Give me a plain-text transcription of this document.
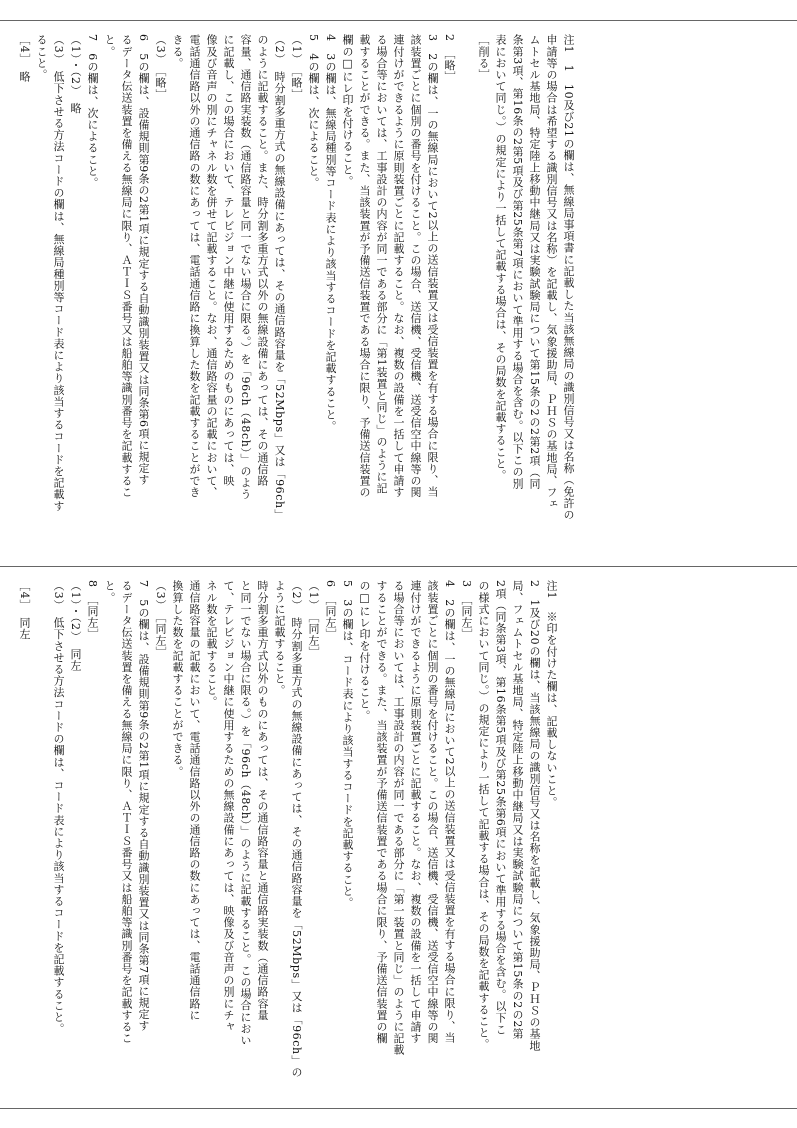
注1　1　10及び21の欄は、無線局事項書に記載した当該無線局の識別信号又は名称（免許の

申請等の場合は希望する識別信号又は名称）を記載し、気象援助局、ＰＨＳの基地局、フェ

ムトセル基地局、特定陸上移動中継局又は実験試験局について第15条の2の2第2項（同

条第3項、第16条の2第5項及び第25条第7項において準用する場合を含む。以下この別

表において同じ。）の規定により一括して記載する場合は、その局数を記載すること。

［削る］

2　［略］

3　2の欄は、一の無線局において2以上の送信装置又は受信装置を有する場合に限り、当

該装置ごとに個別の番号を付けること。この場合、送信機、受信機、送受信空中線等の関

連付けができるように原則装置ごとに記載すること。なお、複数の設備を一括して申請す

る場合等においては、工事設計の内容が同一である部分に「第1装置と同じ」のように記

載することができる。また、当該装置が予備送信装置である場合に限り、予備送信装置の

欄の□にレ印を付けること。

4　3の欄は、無線局種別等コード表により該当するコードを記載すること。

5　4の欄は、次によること。

（1）　［略］

（2）　時分割多重方式の無線設備にあっては、その通信路容量を「52Mbps」又は「96ch」

のように記載すること。また、時分割多重方式以外の無線設備にあっては、その通信路

容量、通信路実装数（通信路容量と同一でない場合に限る。）を「96ch（48ch）」のよう

に記載し、この場合において、テレビジョン中継に使用するためのものにあっては、映

像及び音声の別にチャネル数を併せて記載すること。なお、通信路容量の記載において、

電話通信路以外の通信路の数にあっては、電話通信路に換算した数を記載することができ

きる。

（3）　［略］

6　5の欄は、設備規則第9条の2第1項に規定する自動識別装置又は同条第6項に規定す

るデータ伝送装置を備える無線局に限り、ＡＴＩＳ番号又は船舶等識別番号を記載するこ

と。

7　6の欄は、次によること。

（1）・（2）　略

（3）　低下させる方法コードの欄は、無線局種別等コード表により該当するコードを記載す

ること。

［4］　略

注1　※印を付けた欄は、記載しないこと。

2　1及び20の欄は、当該無線局の識別信号又は名称を記載し、気象援助局、ＰＨＳの基地

局、フェムトセル基地局、特定陸上移動中継局又は実験試験局について第15条の2の2第

2項（同条第3項、第16条第5項及び第25条第6項において準用する場合を含む。以下こ

の様式において同じ。）の規定により一括して記載する場合は、その局数を記載すること。

3　［同左］

4　2の欄は、一の無線局において2以上の送信装置又は受信装置を有する場合に限り、当

該装置ごとに個別の番号を付けること。この場合、送信機、受信機、送受信空中線等の関

連付けができるように原則装置ごとに記載すること。なお、複数の設備を一括して申請す

る場合等においては、工事設計の内容が同一である部分に「第一装置と同じ」のように記載

することができる。また、当該装置が予備送信装置である場合に限り、予備送信装置の欄

の□にレ印を付けること。

5　3の欄は、コード表により該当するコードを記載すること。

6　［同左］

（1）　［同左］

（2）　時分割多重方式の無線設備にあっては、その通信路容量を「52Mbps」又は「96ch」の

ように記載すること。

時分割多重方式以外のものにあっては、その通信路容量と通信路実装数（通信路容量

と同一でない場合に限る。）を「96ch（48ch）」のように記載すること。この場合におい

て、テレビジョン中継に使用するための無線設備にあっては、映像及び音声の別にチャ

ネル数を記載すること。

通信路容量の記載において、電話通信路以外の通信路の数にあっては、電話通信路に

換算した数を記載することができる。

（3）　［同左］

7　5の欄は、設備規則第9条の2第1項に規定する自動識別装置又は同条第7項に規定す

るデータ伝送装置を備える無線局に限り、ＡＴＩＳ番号又は船舶等識別番号を記載するこ

と。

8　［同左］

（1）・（2）　同左

（3）　低下させる方法コードの欄は、コード表により該当するコードを記載すること。

［4］　同左
